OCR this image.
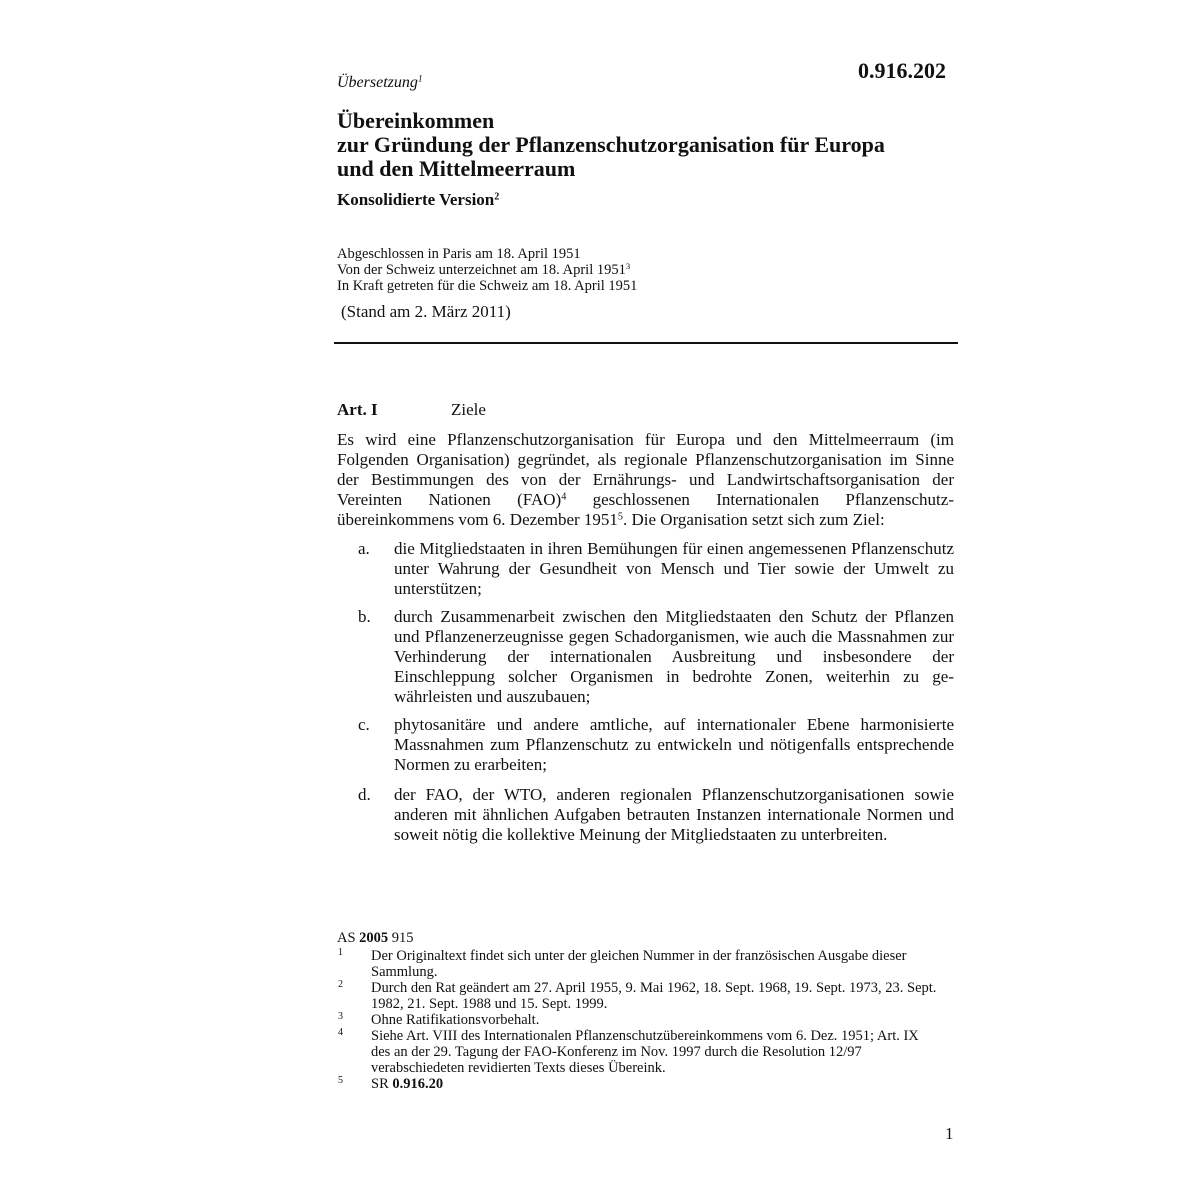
0.916.202
Übersetzung$^1$
Übereinkommen
zur Gründung der Pflanzenschutzorganisation für Europa
und den Mittelmeerraum
Konsolidierte Version$^2$
Abgeschlossen in Paris am 18. April 1951
Von der Schweiz unterzeichnet am 18. April 1951$^3$
In Kraft getreten für die Schweiz am 18. April 1951
(Stand am 2. März 2011)
Art. I	Ziele

Es wird eine Pflanzenschutzorganisation für Europa und den Mittelmeerraum (im Folgenden Organisation) gegründet, als regionale Pflanzenschutzorganisation im Sinne der Bestimmungen des von der Ernährungs- und Landwirtschaftsorganisation der Vereinten Nationen (FAO)$^4$ geschlossenen Internationalen Pflanzenschutzübereinkommens vom 6. Dezember 1951$^5$. Die Organisation setzt sich zum Ziel:

a. die Mitgliedstaaten in ihren Bemühungen für einen angemessenen Pflanzenschutz unter Wahrung der Gesundheit von Mensch und Tier sowie der Umwelt zu unterstützen;
b. durch Zusammenarbeit zwischen den Mitgliedstaaten den Schutz der Pflanzen und Pflanzenerzeugnisse gegen Schadorganismen, wie auch die Massnahmen zur Verhinderung der internationalen Ausbreitung und insbesondere der Einschleppung solcher Organismen in bedrohte Zonen, weiterhin zu gewährleisten und auszubauen;
c. phytosanitäre und andere amtliche, auf internationaler Ebene harmonisierte Massnahmen zum Pflanzenschutz zu entwickeln und nötigenfalls entsprechende Normen zu erarbeiten;
d. der FAO, der WTO, anderen regionalen Pflanzenschutzorganisationen sowie anderen mit ähnlichen Aufgaben betrauten Instanzen internationale Normen und soweit nötig die kollektive Meinung der Mitgliedstaaten zu unterbreiten.
AS 2005 915
1 Der Originaltext findet sich unter der gleichen Nummer in der französischen Ausgabe dieser Sammlung.
2 Durch den Rat geändert am 27. April 1955, 9. Mai 1962, 18. Sept. 1968, 19. Sept. 1973, 23. Sept. 1982, 21. Sept. 1988 und 15. Sept. 1999.
3 Ohne Ratifikationsvorbehalt.
4 Siehe Art. VIII des Internationalen Pflanzenschutzübereinkommens vom 6. Dez. 1951; Art. IX des an der 29. Tagung der FAO-Konferenz im Nov. 1997 durch die Resolution 12/97 verabschiedeten revidierten Texts dieses Übereink.
5 SR 0.916.20
1
